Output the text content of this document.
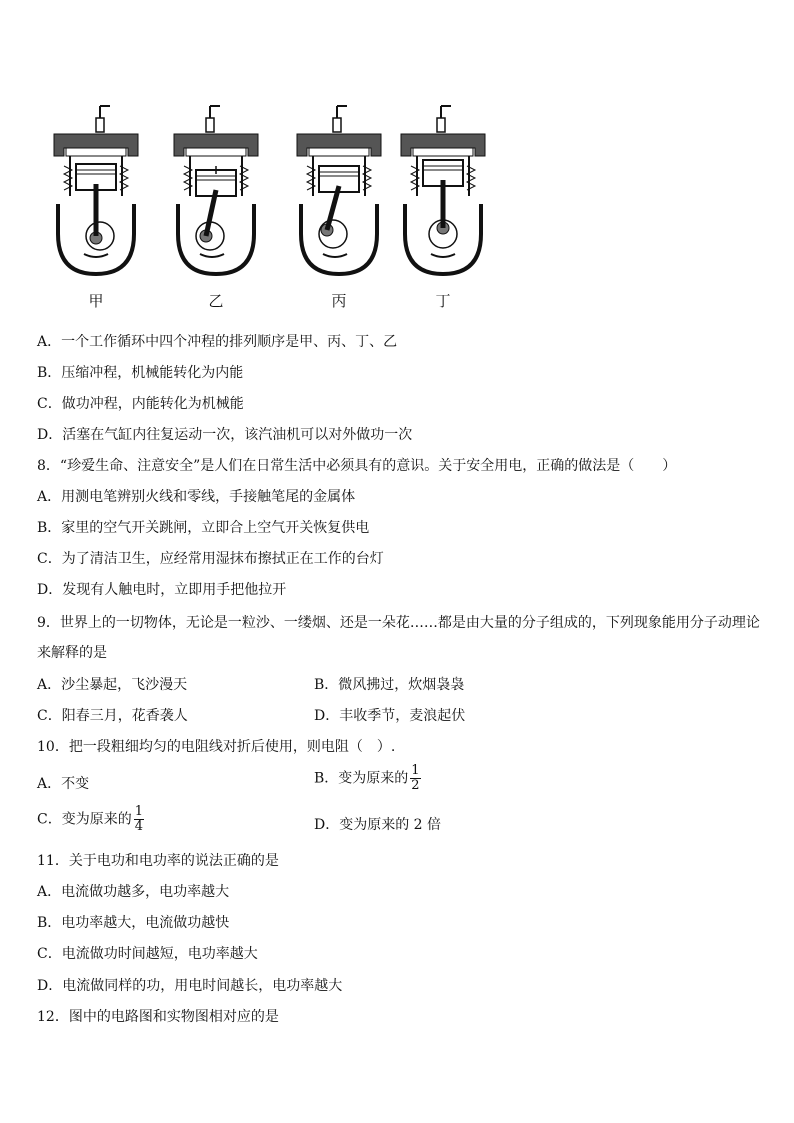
甲	乙	丙	丁
A．一个工作循环中四个冲程的排列顺序是甲、丙、丁、乙
B．压缩冲程，机械能转化为内能
C．做功冲程，内能转化为机械能
D．活塞在气缸内往复运动一次，该汽油机可以对外做功一次
8．“珍爱生命、注意安全”是人们在日常生活中必须具有的意识。关于安全用电，正确的做法是（　　）
A．用测电笔辨别火线和零线，手接触笔尾的金属体
B．家里的空气开关跳闸，立即合上空气开关恢复供电
C．为了清洁卫生，应经常用湿抹布擦拭正在工作的台灯
D．发现有人触电时，立即用手把他拉开
9．世界上的一切物体，无论是一粒沙、一缕烟、还是一朵花……都是由大量的分子组成的，下列现象能用分子动理论
来解释的是
A．沙尘暴起，飞沙漫天	B．微风拂过，炊烟袅袅
C．阳春三月，花香袭人	D．丰收季节，麦浪起伏
10．把一段粗细均匀的电阻线对折后使用，则电阻（　）.
A．不变	B．变为原来的 $\frac{1}{2}$
C．变为原来的 $\frac{1}{4}$	D．变为原来的 2 倍
11．关于电功和电功率的说法正确的是
A．电流做功越多，电功率越大
B．电功率越大，电流做功越快
C．电流做功时间越短，电功率越大
D．电流做同样的功，用电时间越长，电功率越大
12．图中的电路图和实物图相对应的是
